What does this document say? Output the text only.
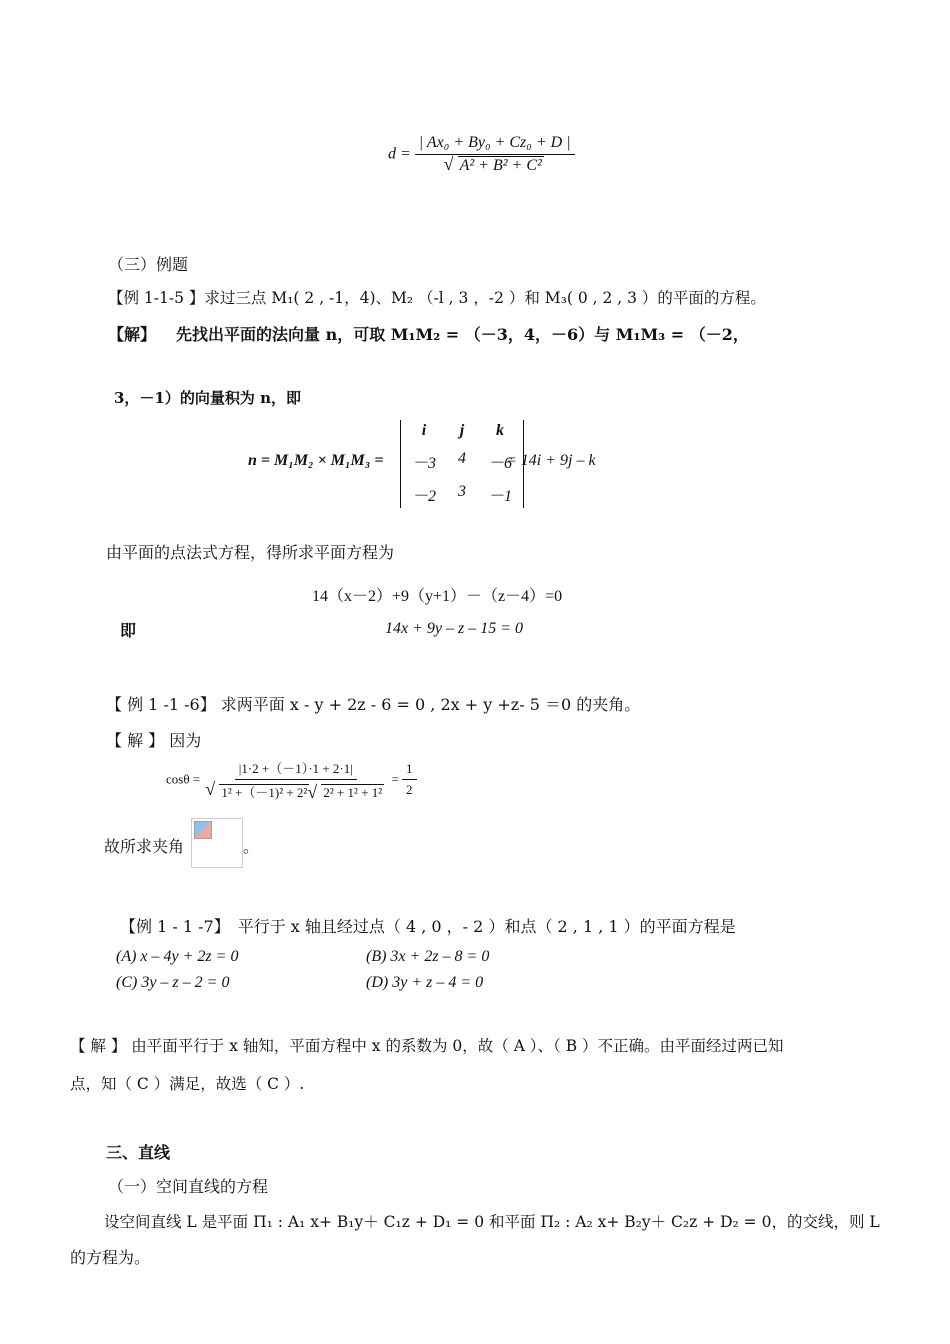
d = | Ax₀ + By₀ + Cz₀ + D |
√ A² + B² + C²
（三）例题
【例 1-1-5 】求过三点 M₁( 2 , -1，4)、M₂ （-l , 3 ，-2 ）和 M₃( 0 , 2 , 3 ）的平面的方程。
【解】 先找出平面的法向量 n，可取 M₁M₂ = （－3，4，－6）与 M₁M₃ = （－2，
3，－1）的向量积为 n，即
n = M₁M₂ × M₁M₃ =
i	j	k
－3	4	－6
－2	3	－1
= 14i + 9j – k
由平面的点法式方程，得所求平面方程为
14（x－2）+9（y+1）－（z－4）=0
即	14x + 9y – z – 15 = 0
【 例 1 -1 -6】 求两平面 x - y + 2z - 6 = 0 , 2x + y +z- 5 ＝0 的夹角。
【 解 】 因为
cosθ = |1·2 +（－1）·1 + 2·1|
√ 1² +（－1)² + 2²√ $2^2 + 1^2 + 1^2 = \frac{1}{2}$
故所求夹角	。
【例 1 - 1 -7】　平行于 x 轴且经过点（ 4 , 0 ，- 2 ）和点（ 2 , 1 , 1 ）的平面方程是
(A) x – 4y + 2z = 0	(B) 3x + 2z – 8 = 0
(C) 3y – z – 2 = 0	(D) 3y + z – 4 = 0
【 解 】 由平面平行于 x 轴知，平面方程中 x 的系数为 0，故（ A ）、（ B ）不正确。由平面经过两已知
点，知（ C ）满足，故选（ C ）.
三、直线
（一）空间直线的方程
设空间直线 L 是平面 Π₁ : A₁ x+ B₁y＋ C₁z + D₁ = 0 和平面 Π₂ : A₂ x+ B₂y＋ C₂z + D₂ = 0，的交线，则 L
的方程为。
